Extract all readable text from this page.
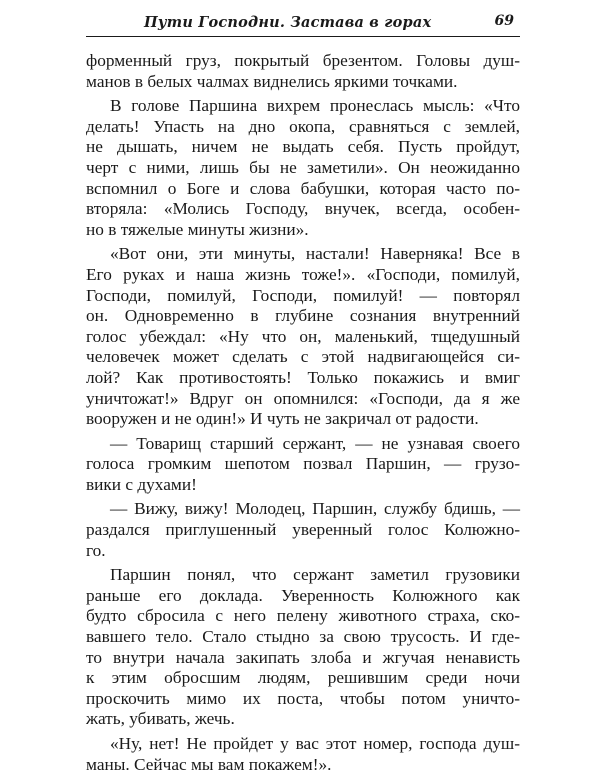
Пути Господни. Застава в горах	69
форменный груз, покрытый брезентом. Головы душ-
манов в белых чалмах виднелись яркими точками.
В голове Паршина вихрем пронеслась мысль: «Что
делать! Упасть на дно окопа, сравняться с землей,
не дышать, ничем не выдать себя. Пусть пройдут,
черт с ними, лишь бы не заметили». Он неожиданно
вспомнил о Боге и слова бабушки, которая часто по-
вторяла: «Молись Господу, внучек, всегда, особен-
но в тяжелые минуты жизни».
«Вот они, эти минуты, настали! Наверняка! Все в
Его руках и наша жизнь тоже!». «Господи, помилуй,
Господи, помилуй, Господи, помилуй! — повторял
он. Одновременно в глубине сознания внутренний
голос убеждал: «Ну что он, маленький, тщедушный
человечек может сделать с этой надвигающейся си-
лой? Как противостоять! Только покажись и вмиг
уничтожат!» Вдруг он опомнился: «Господи, да я же
вооружен и не один!» И чуть не закричал от радости.
— Товарищ старший сержант, — не узнавая своего
голоса громким шепотом позвал Паршин, — грузо-
вики с духами!
— Вижу, вижу! Молодец, Паршин, службу бдишь, —
раздался приглушенный уверенный голос Колюжно-
го.
Паршин понял, что сержант заметил грузовики
раньше его доклада. Уверенность Колюжного как
будто сбросила с него пелену животного страха, ско-
вавшего тело. Стало стыдно за свою трусость. И где-
то внутри начала закипать злоба и жгучая ненависть
к этим обросшим людям, решившим среди ночи
проскочить мимо их поста, чтобы потом уничто-
жать, убивать, жечь.
«Ну, нет! Не пройдет у вас этот номер, господа душ-
маны. Сейчас мы вам покажем!».
